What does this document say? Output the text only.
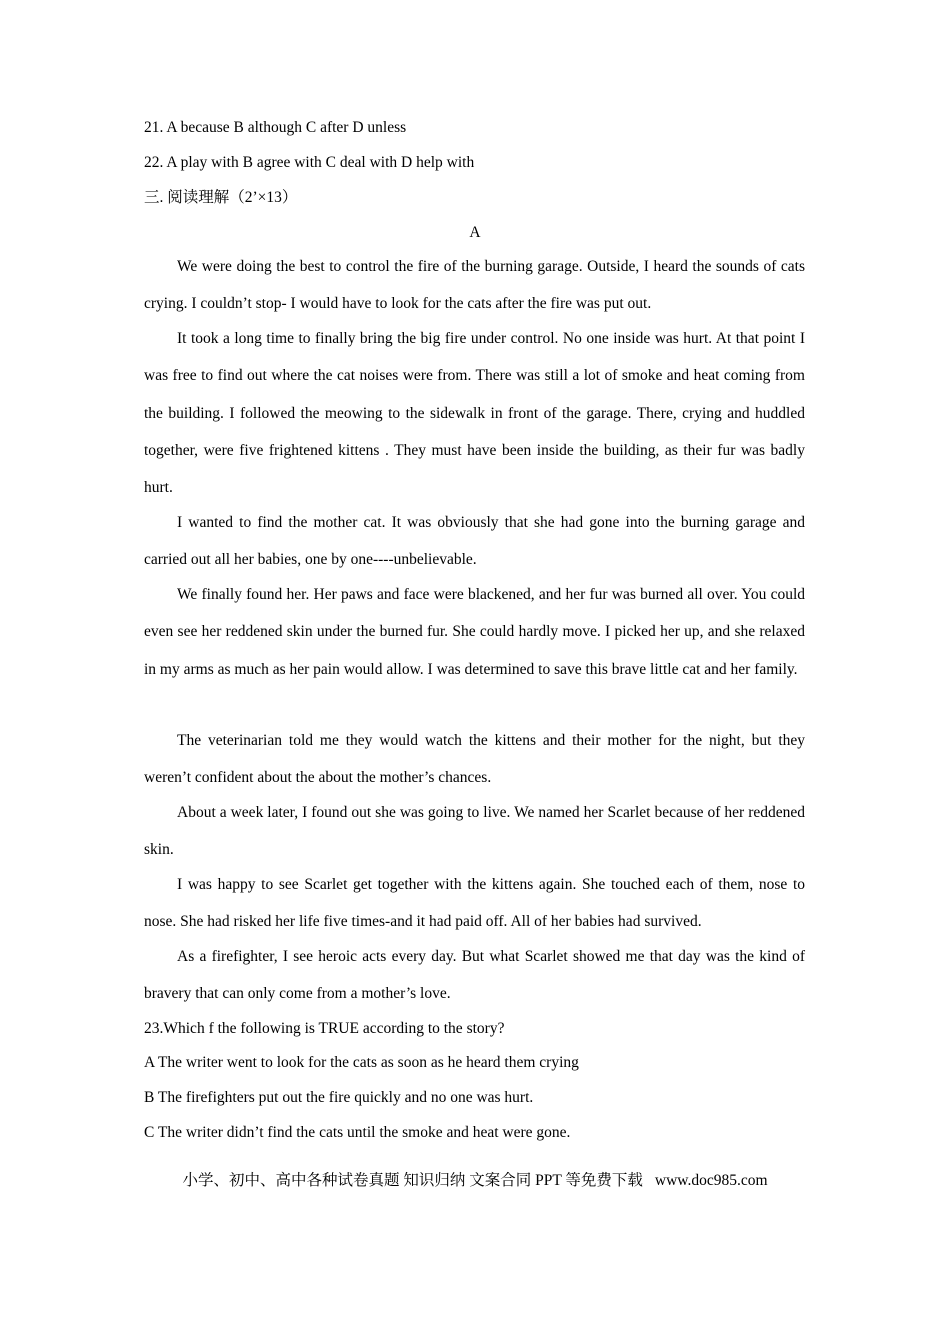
21. A because B although C after D unless
22. A play with B agree with C deal with D help with
三. 阅读理解（2’×13）
A

We were doing the best to control the fire of the burning garage. Outside, I heard the sounds of cats crying. I couldn’t stop- I would have to look for the cats after the fire was put out.

It took a long time to finally bring the big fire under control. No one inside was hurt. At that point I was free to find out where the cat noises were from. There was still a lot of smoke and heat coming from the building. I followed the meowing to the sidewalk in front of the garage. There, crying and huddled together, were five frightened kittens . They must have been inside the building, as their fur was badly hurt.

I wanted to find the mother cat. It was obviously that she had gone into the burning garage and carried out all her babies, one by one----unbelievable.

We finally found her. Her paws and face were blackened, and her fur was burned all over. You could even see her reddened skin under the burned fur. She could hardly move. I picked her up, and she relaxed in my arms as much as her pain would allow. I was determined to save this brave little cat and her family.

The veterinarian told me they would watch the kittens and their mother for the night, but they weren’t confident about the about the mother’s chances.

About a week later, I found out she was going to live. We named her Scarlet because of her reddened skin.

I was happy to see Scarlet get together with the kittens again. She touched each of them, nose to nose. She had risked her life five times-and it had paid off. All of her babies had survived.

As a firefighter, I see heroic acts every day. But what Scarlet showed me that day was the kind of bravery that can only come from a mother’s love.

23.Which f the following is TRUE according to the story?
A The writer went to look for the cats as soon as he heard them crying
B The firefighters put out the fire quickly and no one was hurt.
C The writer didn’t find the cats until the smoke and heat were gone.
小学、初中、高中各种试卷真题 知识归纳 文案合同 PPT 等免费下载 www.doc985.com
